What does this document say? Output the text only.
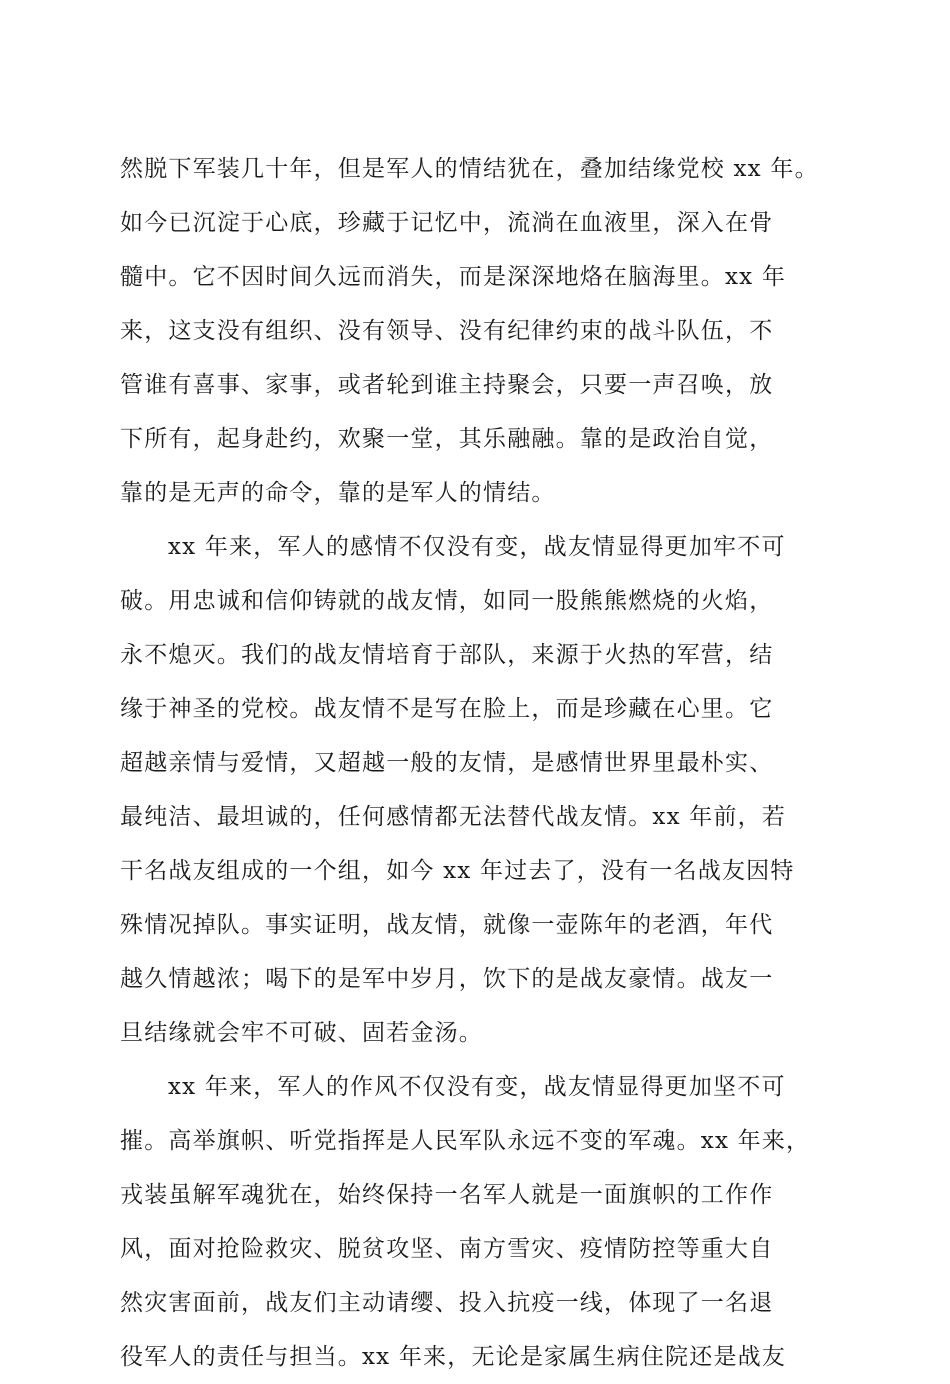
然脱下军装几十年，但是军人的情结犹在，叠加结缘党校 xx 年。
如今已沉淀于心底，珍藏于记忆中，流淌在血液里，深入在骨
髓中。它不因时间久远而消失，而是深深地烙在脑海里。xx 年
来，这支没有组织、没有领导、没有纪律约束的战斗队伍，不
管谁有喜事、家事，或者轮到谁主持聚会，只要一声召唤，放
下所有，起身赴约，欢聚一堂，其乐融融。靠的是政治自觉，
靠的是无声的命令，靠的是军人的情结。
xx 年来，军人的感情不仅没有变，战友情显得更加牢不可
破。用忠诚和信仰铸就的战友情，如同一股熊熊燃烧的火焰，
永不熄灭。我们的战友情培育于部队，来源于火热的军营，结
缘于神圣的党校。战友情不是写在脸上，而是珍藏在心里。它
超越亲情与爱情，又超越一般的友情，是感情世界里最朴实、
最纯洁、最坦诚的，任何感情都无法替代战友情。xx 年前，若
干名战友组成的一个组，如今 xx 年过去了，没有一名战友因特
殊情况掉队。事实证明，战友情，就像一壶陈年的老酒，年代
越久情越浓；喝下的是军中岁月，饮下的是战友豪情。战友一
旦结缘就会牢不可破、固若金汤。
xx 年来，军人的作风不仅没有变，战友情显得更加坚不可
摧。高举旗帜、听党指挥是人民军队永远不变的军魂。xx 年来，
戎装虽解军魂犹在，始终保持一名军人就是一面旗帜的工作作
风，面对抢险救灾、脱贫攻坚、南方雪灾、疫情防控等重大自
然灾害面前，战友们主动请缨、投入抗疫一线，体现了一名退
役军人的责任与担当。xx 年来，无论是家属生病住院还是战友
